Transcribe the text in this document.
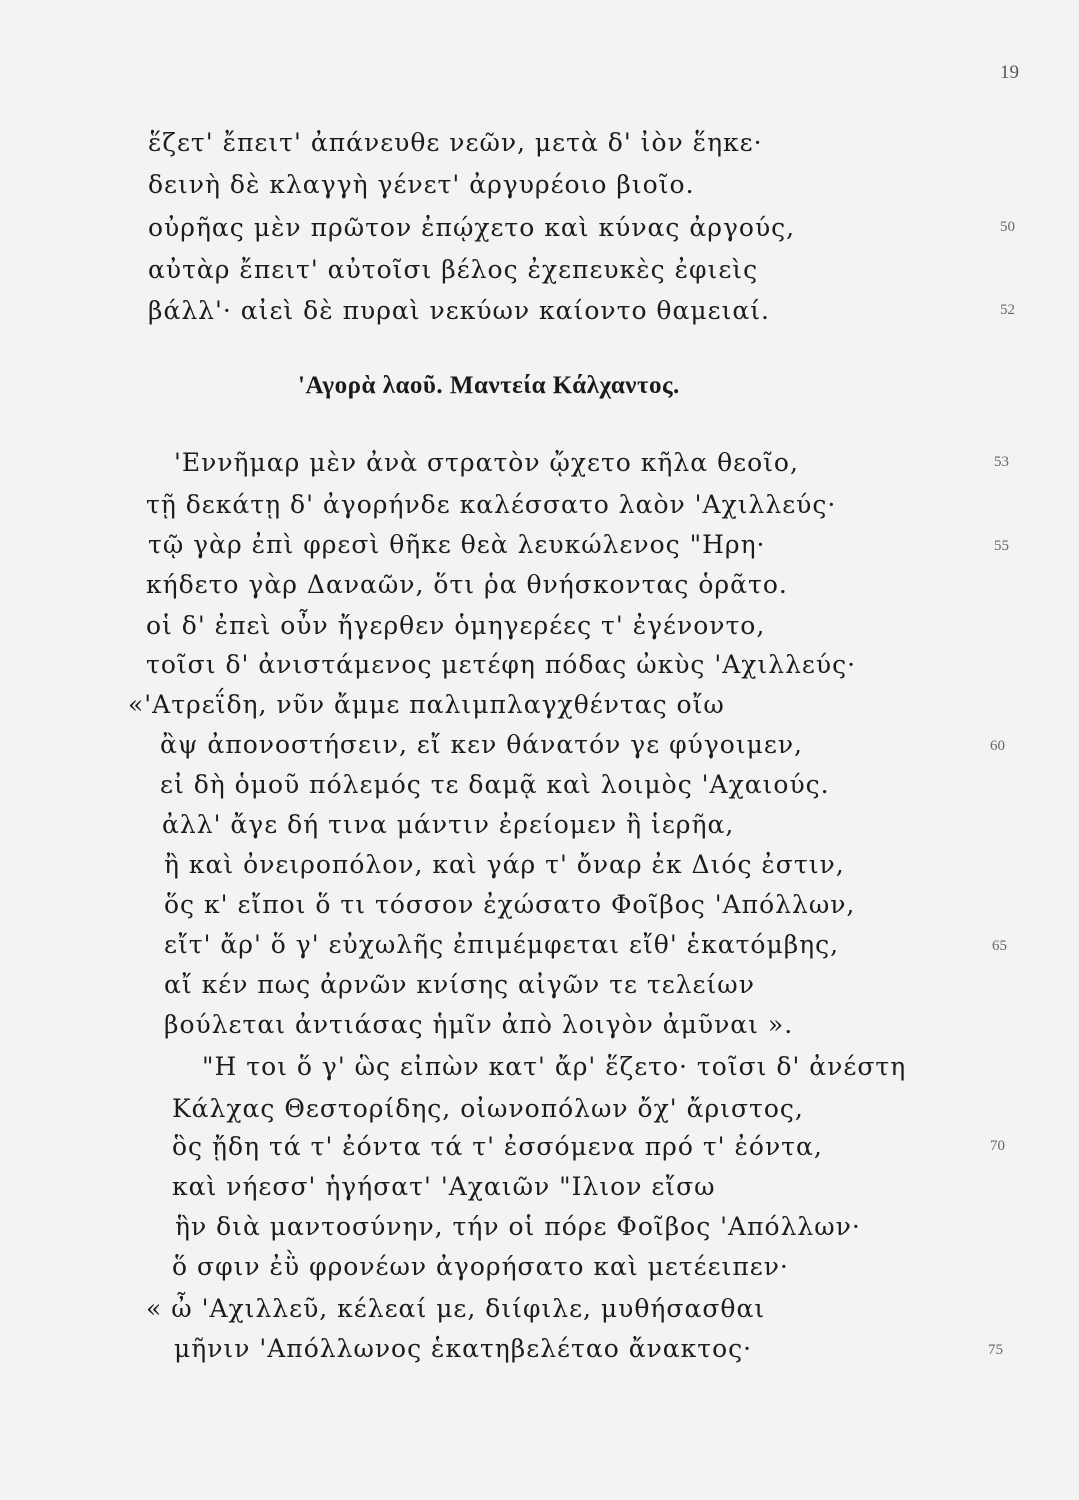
19
ἕζετ' ἔπειτ' ἀπάνευθε νεῶν, μετὰ δ' ἰὸν ἕηκε·
δεινὴ δὲ κλαγγὴ γένετ' ἀργυρέοιο βιοῖο.
οὐρῆας μὲν πρῶτον ἐπῴχετο καὶ κύνας ἀργούς,	50
αὐτὰρ ἔπειτ' αὐτοῖσι βέλος ἐχεπευκὲς ἐφιεὶς
βάλλ'· αἰεὶ δὲ πυραὶ νεκύων καίοντο θαμειαί.	52
'Αγορὰ λαοῦ. Μαντεία Κάλχαντος.
'Εννῆμαρ μὲν ἀνὰ στρατὸν ᾤχετο κῆλα θεοῖο,	53
τῇ δεκάτῃ δ' ἀγορήνδε καλέσσατο λαὸν 'Αχιλλεύς·
τῷ γὰρ ἐπὶ φρεσὶ θῆκε θεὰ λευκώλενος "Ηρη·	55
κήδετο γὰρ Δαναῶν, ὅτι ῥα θνήσκοντας ὁρᾶτο.
οἱ δ' ἐπεὶ οὖν ἤγερθεν ὁμηγερέες τ' ἐγένοντο,
τοῖσι δ' ἀνιστάμενος μετέφη πόδας ὠκὺς 'Αχιλλεύς·
«'Ατρεΐδη, νῦν ἄμμε παλιμπλαγχθέντας οἴω
ἂψ ἀπονοστήσειν, εἴ κεν θάνατόν γε φύγοιμεν,	60
εἰ δὴ ὁμοῦ πόλεμός τε δαμᾷ καὶ λοιμὸς 'Αχαιούς.
ἀλλ' ἄγε δή τινα μάντιν ἐρείομεν ἢ ἱερῆα,
ἢ καὶ ὀνειροπόλον, καὶ γάρ τ' ὄναρ ἐκ Διός ἐστιν,
ὅς κ' εἴποι ὅ τι τόσσον ἐχώσατο Φοῖβος 'Απόλλων,
εἴτ' ἄρ' ὅ γ' εὐχωλῆς ἐπιμέμφεται εἴθ' ἑκατόμβης,	65
αἴ κέν πως ἀρνῶν κνίσης αἰγῶν τε τελείων
βούλεται ἀντιάσας ἡμῖν ἀπὸ λοιγὸν ἀμῦναι ».
"Η τοι ὅ γ' ὣς εἰπὼν κατ' ἄρ' ἕζετο· τοῖσι δ' ἀνέστη
Κάλχας Θεστορίδης, οἰωνοπόλων ὄχ' ἄριστος,
ὃς ᾔδη τά τ' ἐόντα τά τ' ἐσσόμενα πρό τ' ἐόντα,	70
καὶ νήεσσ' ἡγήσατ' 'Αχαιῶν "Ιλιον εἴσω
ἣν διὰ μαντοσύνην, τήν οἱ πόρε Φοῖβος 'Απόλλων·
ὅ σφιν ἐῢ φρονέων ἀγορήσατο καὶ μετέειπεν·
« ὦ 'Αχιλλεῦ, κέλεαί με, διίφιλε, μυθήσασθαι
μῆνιν 'Απόλλωνος ἑκατηβελέταο ἄνακτος·	75
